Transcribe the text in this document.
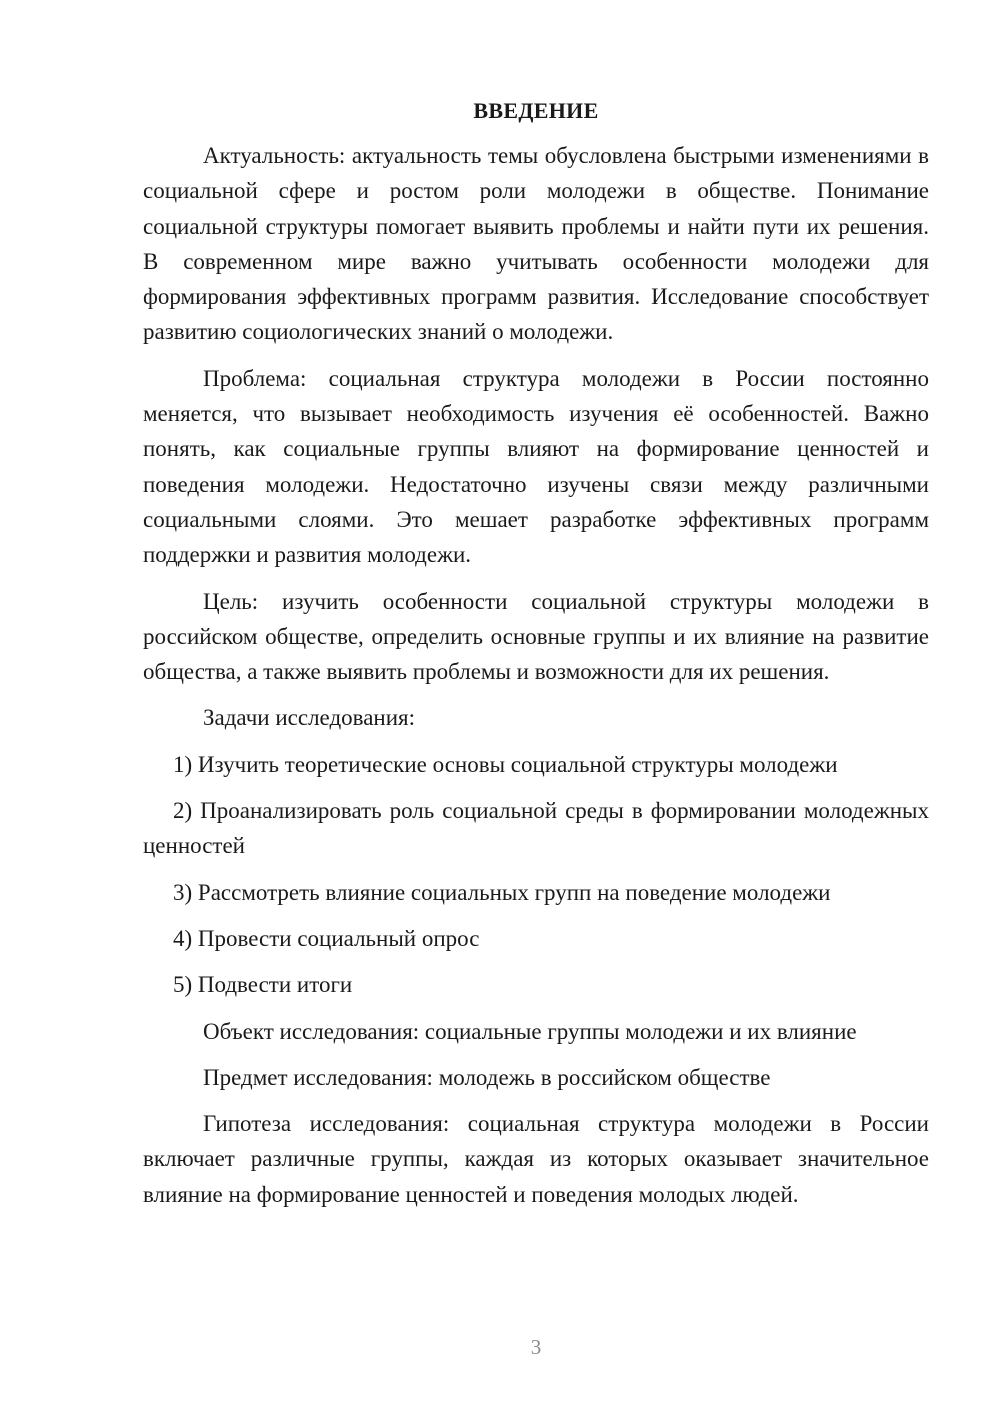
ВВЕДЕНИЕ

Актуальность: актуальность темы обусловлена быстрыми изменениями в социальной сфере и ростом роли молодежи в обществе. Понимание социальной структуры помогает выявить проблемы и найти пути их решения. В современном мире важно учитывать особенности молодежи для формирования эффективных программ развития. Исследование способствует развитию социологических знаний о молодежи.

Проблема: социальная структура молодежи в России постоянно меняется, что вызывает необходимость изучения её особенностей. Важно понять, как социальные группы влияют на формирование ценностей и поведения молодежи. Недостаточно изучены связи между различными социальными слоями. Это мешает разработке эффективных программ поддержки и развития молодежи.

Цель: изучить особенности социальной структуры молодежи в российском обществе, определить основные группы и их влияние на развитие общества, а также выявить проблемы и возможности для их решения.

Задачи исследования:

1) Изучить теоретические основы социальной структуры молодежи

2) Проанализировать роль социальной среды в формировании молодежных ценностей

3) Рассмотреть влияние социальных групп на поведение молодежи

4) Провести социальный опрос

5) Подвести итоги

Объект исследования: социальные группы молодежи и их влияние

Предмет исследования: молодежь в российском обществе

Гипотеза исследования: социальная структура молодежи в России включает различные группы, каждая из которых оказывает значительное влияние на формирование ценностей и поведения молодых людей.

3
